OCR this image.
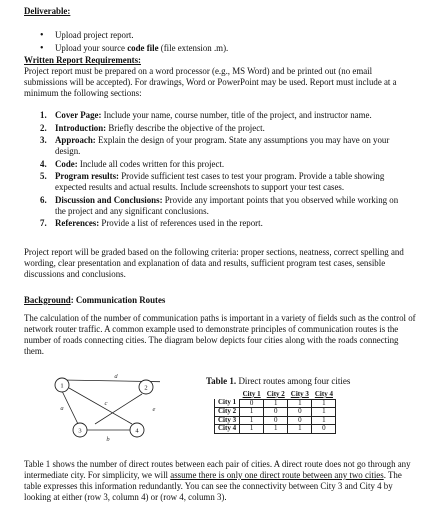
Deliverable:
• Upload project report.
• Upload your source code file (file extension .m).
Written Report Requirements:
Project report must be prepared on a word processor (e.g., MS Word) and be printed out (no email submissions will be accepted). For drawings, Word or PowerPoint may be used. Report must include at a minimum the following sections:
1. Cover Page: Include your name, course number, title of the project, and instructor name.
2. Introduction: Briefly describe the objective of the project.
3. Approach: Explain the design of your program. State any assumptions you may have on your design.
4. Code: Include all codes written for this project.
5. Program results: Provide sufficient test cases to test your program. Provide a table showing expected results and actual results. Include screenshots to support your test cases.
6. Discussion and Conclusions: Provide any important points that you observed while working on the project and any significant conclusions.
7. References: Provide a list of references used in the report.
Project report will be graded based on the following criteria: proper sections, neatness, correct spelling and wording, clear presentation and explanation of data and results, sufficient program test cases, sensible discussions and conclusions.
Background: Communication Routes
The calculation of the number of communication paths is important in a variety of fields such as the control of network router traffic. A common example used to demonstrate principles of communication routes is the number of roads connecting cities. The diagram below depicts four cities along with the roads connecting them.
1	2
3	4
d
a
c
e
b
Table 1. Direct routes among four cities
	City 1	City 2	City 3	City 4
City 1	0	1	1	1
City 2	1	0	0	1
City 3	1	0	0	1
City 4	1	1	1	0
Table 1 shows the number of direct routes between each pair of cities. A direct route does not go through any intermediate city. For simplicity, we will assume there is only one direct route between any two cities. The table expresses this information redundantly. You can see the connectivity between City 3 and City 4 by looking at either (row 3, column 4) or (row 4, column 3).
